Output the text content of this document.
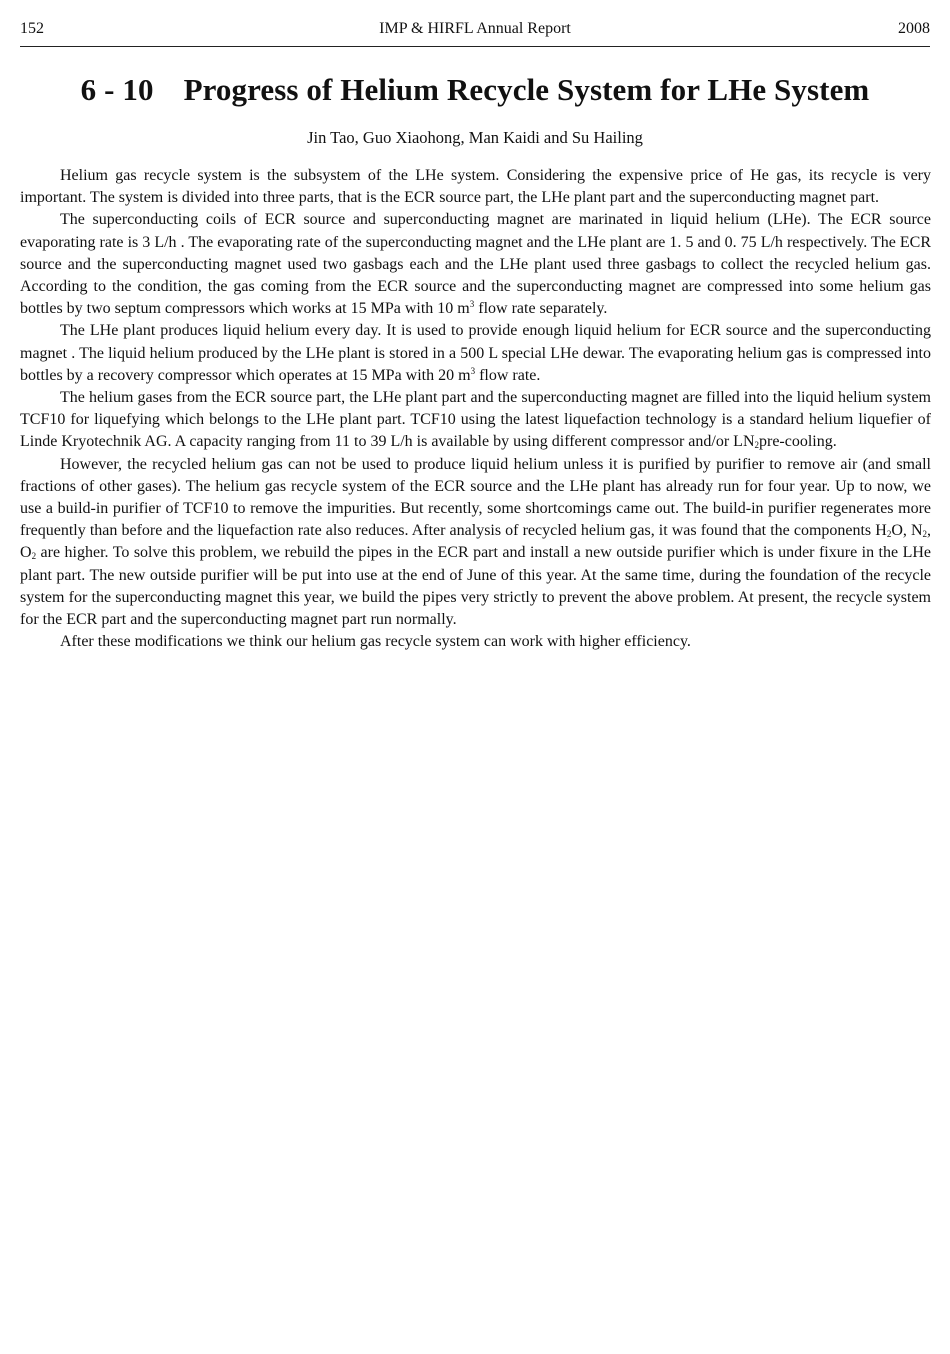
152	IMP & HIRFL Annual Report	2008
6 - 10 Progress of Helium Recycle System for LHe System
Jin Tao, Guo Xiaohong, Man Kaidi and Su Hailing

Helium gas recycle system is the subsystem of the LHe system. Considering the expensive price of He gas, its recycle is very important. The system is divided into three parts, that is the ECR source part, the LHe plant part and the superconducting magnet part.

The superconducting coils of ECR source and superconducting magnet are marinated in liquid helium (LHe). The ECR source evaporating rate is 3 L/h . The evaporating rate of the superconducting magnet and the LHe plant are 1. 5 and 0. 75 L/h respectively. The ECR source and the superconducting magnet used two gasbags each and the LHe plant used three gasbags to collect the recycled helium gas. According to the condition, the gas coming from the ECR source and the superconducting magnet are compressed into some helium gas bottles by two septum compressors which works at 15 MPa with 10 $m^3$ flow rate separately.

The LHe plant produces liquid helium every day. It is used to provide enough liquid helium for ECR source and the superconducting magnet . The liquid helium produced by the LHe plant is stored in a 500 L special LHe dewar. The evaporating helium gas is compressed into bottles by a recovery compressor which operates at 15 MPa with 20 $m^3$ flow rate.

The helium gases from the ECR source part, the LHe plant part and the superconducting magnet are filled into the liquid helium system TCF10 for liquefying which belongs to the LHe plant part. TCF10 using the latest liquefaction technology is a standard helium liquefier of Linde Kryotechnik AG. A capacity ranging from 11 to 39 L/h is available by using different compressor and/or $LN_2pre$-cooling.

However, the recycled helium gas can not be used to produce liquid helium unless it is purified by purifier to remove air (and small fractions of other gases). The helium gas recycle system of the ECR source and the LHe plant has already run for four year. Up to now, we use a build-in purifier of TCF10 to remove the impurities. But recently, some shortcomings came out. The build-in purifier regenerates more frequently than before and the liquefaction rate also reduces. After analysis of recycled helium gas, it was found that the components $H_2O$, $N_2$, $O_2$ are higher. To solve this problem, we rebuild the pipes in the ECR part and install a new outside purifier which is under fixure in the LHe plant part. The new outside purifier will be put into use at the end of June of this year. At the same time, during the foundation of the recycle system for the superconducting magnet this year, we build the pipes very strictly to prevent the above problem. At present, the recycle system for the ECR part and the superconducting magnet part run normally.

After these modifications we think our helium gas recycle system can work with higher efficiency.
